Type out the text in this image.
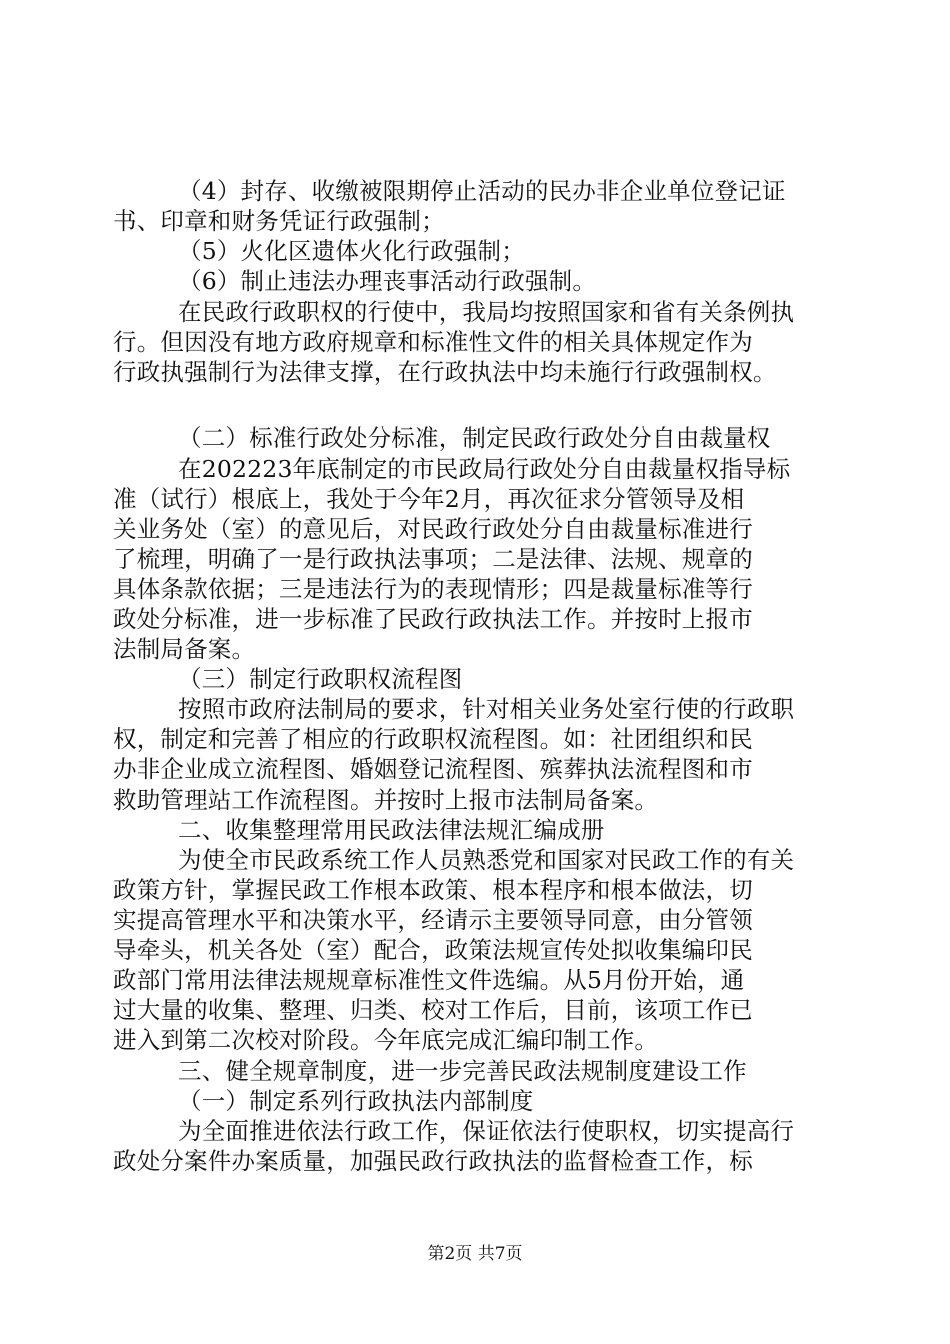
（4）封存、收缴被限期停止活动的民办非企业单位登记证
书、印章和财务凭证行政强制；
（5）火化区遗体火化行政强制；
（6）制止违法办理丧事活动行政强制。
在民政行政职权的行使中，我局均按照国家和省有关条例执
行。但因没有地方政府规章和标准性文件的相关具体规定作为
行政执强制行为法律支撑，在行政执法中均未施行行政强制权。
（二）标准行政处分标准，制定民政行政处分自由裁量权
在202223年底制定的市民政局行政处分自由裁量权指导标
准（试行）根底上，我处于今年2月，再次征求分管领导及相
关业务处（室）的意见后，对民政行政处分自由裁量标准进行
了梳理，明确了一是行政执法事项；二是法律、法规、规章的
具体条款依据；三是违法行为的表现情形；四是裁量标准等行
政处分标准，进一步标准了民政行政执法工作。并按时上报市
法制局备案。
（三）制定行政职权流程图
按照市政府法制局的要求，针对相关业务处室行使的行政职
权，制定和完善了相应的行政职权流程图。如：社团组织和民
办非企业成立流程图、婚姻登记流程图、殡葬执法流程图和市
救助管理站工作流程图。并按时上报市法制局备案。
二、收集整理常用民政法律法规汇编成册
为使全市民政系统工作人员熟悉党和国家对民政工作的有关
政策方针，掌握民政工作根本政策、根本程序和根本做法，切
实提高管理水平和决策水平，经请示主要领导同意，由分管领
导牵头，机关各处（室）配合，政策法规宣传处拟收集编印民
政部门常用法律法规规章标准性文件选编。从5月份开始，通
过大量的收集、整理、归类、校对工作后，目前，该项工作已
进入到第二次校对阶段。今年底完成汇编印制工作。
三、健全规章制度，进一步完善民政法规制度建设工作
（一）制定系列行政执法内部制度
为全面推进依法行政工作，保证依法行使职权，切实提高行
政处分案件办案质量，加强民政行政执法的监督检查工作，标
第2页 共7页
